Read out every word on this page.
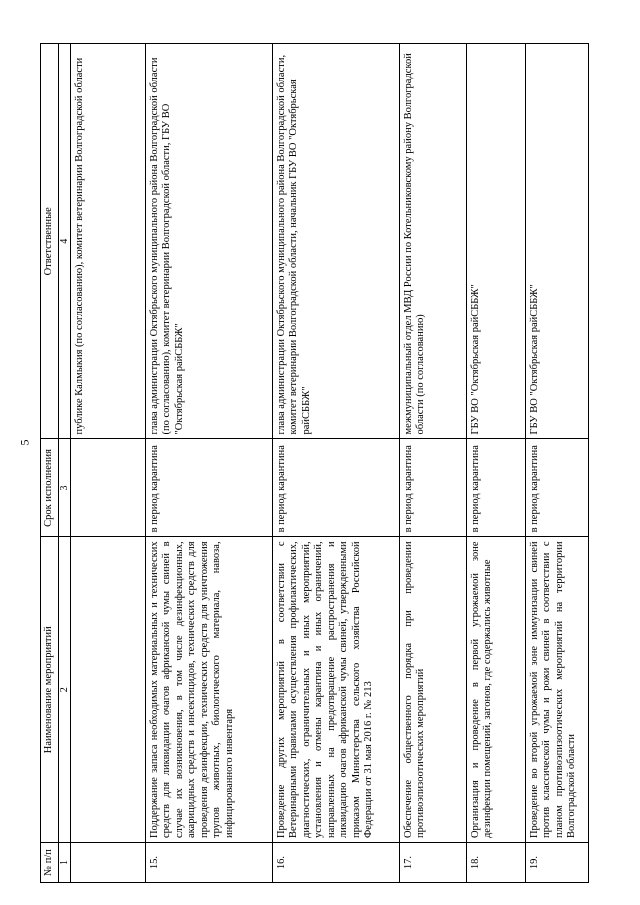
5
№ п/п	Наименование мероприятий	Срок исполнения	Ответственные
1	2	3	4
			публике Калмыкия (по согласованию), комитет ветеринарии Волгоградской области
15.	Поддержание запаса необходимых материальных и технических средств для ликвидации очагов африканской чумы свиней в случае их возникновения, в том числе дезинфекционных, акарицидных средств и инсектицидов, технических средств для проведения дезинфекции, технических средств для уничтожения трупов животных, биологического материала, навоза, инфицированного инвентаря	в период карантина	глава администрации Октябрьского муниципального района Волгоградской области (по согласованию), комитет ветеринарии Волгоградской области, ГБУ ВО "Октябрьская райСББЖ"
16.	Проведение других мероприятий в соответствии с Ветеринарными правилами осуществления профилактических, диагностических, ограничительных и иных мероприятий, установления и отмены карантина и иных ограничений, направленных на предотвращение распространения и ликвидацию очагов африканской чумы свиней, утвержденными приказом Министерства сельского хозяйства Российской Федерации от 31 мая 2016 г. № 213	в период карантина	глава администрации Октябрьского муниципального района Волгоградской области, комитет ветеринарии Волгоградской области, начальник ГБУ ВО "Октябрьская райСББЖ"
17.	Обеспечение общественного порядка при проведении противоэпизоотических мероприятий	в период карантина	межмуниципальный отдел МВД России по Котельниковскому району Волгоградской области (по согласованию)
18.	Организация и проведение в первой угрожаемой зоне дезинфекции помещений, загонов, где содержались животные	в период карантина	ГБУ ВО "Октябрьская райСББЖ"
19.	Проведение во второй угрожаемой зоне иммунизации свиней против классической чумы и рожи свиней в соответствии с планом противоэпизоотических мероприятий на территории Волгоградской области	в период карантина	ГБУ ВО "Октябрьская райСББЖ"
